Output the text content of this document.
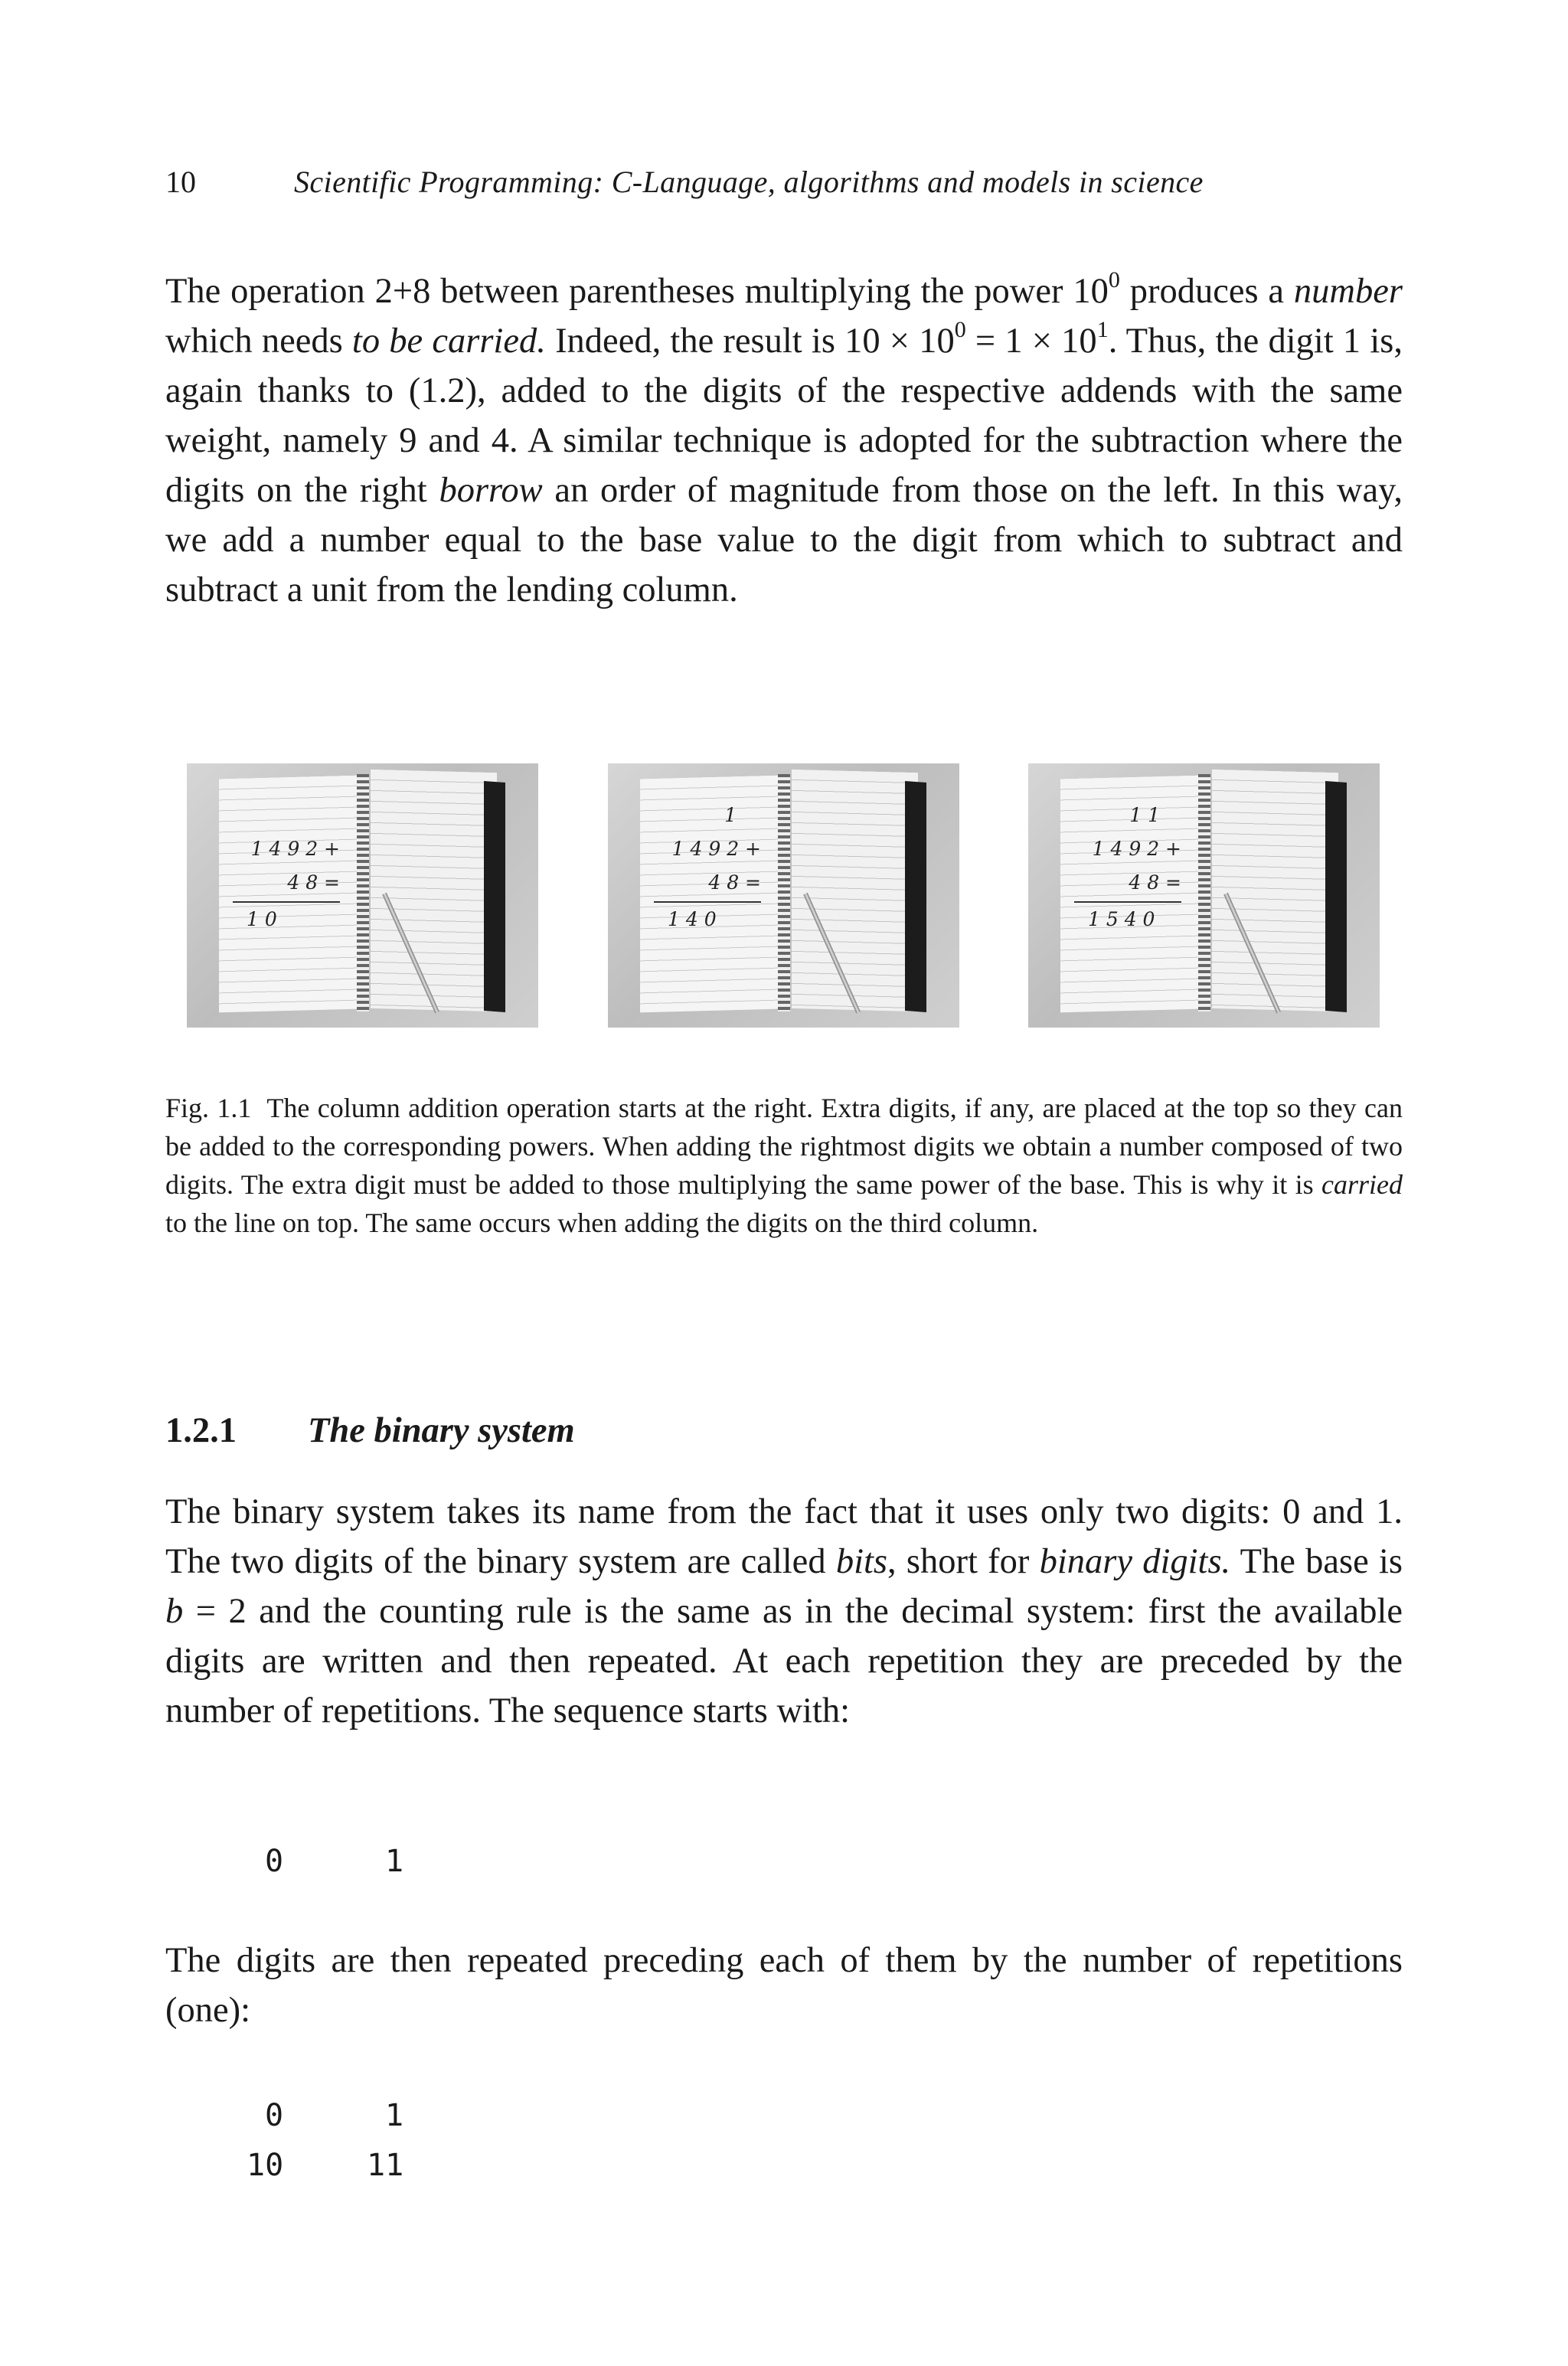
10	Scientific Programming: C-Language, algorithms and models in science

The operation 2+8 between parentheses multiplying the power $10^0$ produces a number which needs to be carried. Indeed, the result is $10 \times 10^0 = 1 \times 10^1$. Thus, the digit 1 is, again thanks to (1.2), added to the digits of the respective addends with the same weight, namely 9 and 4. A similar technique is adopted for the subtraction where the digits on the right borrow an order of magnitude from those on the left. In this way, we add a number equal to the base value to the digit from which to subtract and subtract a unit from the lending column.

1 4 9 2 +
4 8 =
1 0
1
1 4 9 2 +
4 8 =
1 4 0
1 1
1 4 9 2 +
4 8 =
1 5 4 0

Fig. 1.1 The column addition operation starts at the right. Extra digits, if any, are placed at the top so they can be added to the corresponding powers. When adding the rightmost digits we obtain a number composed of two digits. The extra digit must be added to those multiplying the same power of the base. This is why it is carried to the line on top. The same occurs when adding the digits on the third column.

1.2.1 The binary system

The binary system takes its name from the fact that it uses only two digits: 0 and 1. The two digits of the binary system are called bits, short for binary digits. The base is b = 2 and the counting rule is the same as in the decimal system: first the available digits are written and then repeated. At each repetition they are preceded by the number of repetitions. The sequence starts with:

0	1

The digits are then repeated preceding each of them by the number of repetitions (one):

0	1
10	11
